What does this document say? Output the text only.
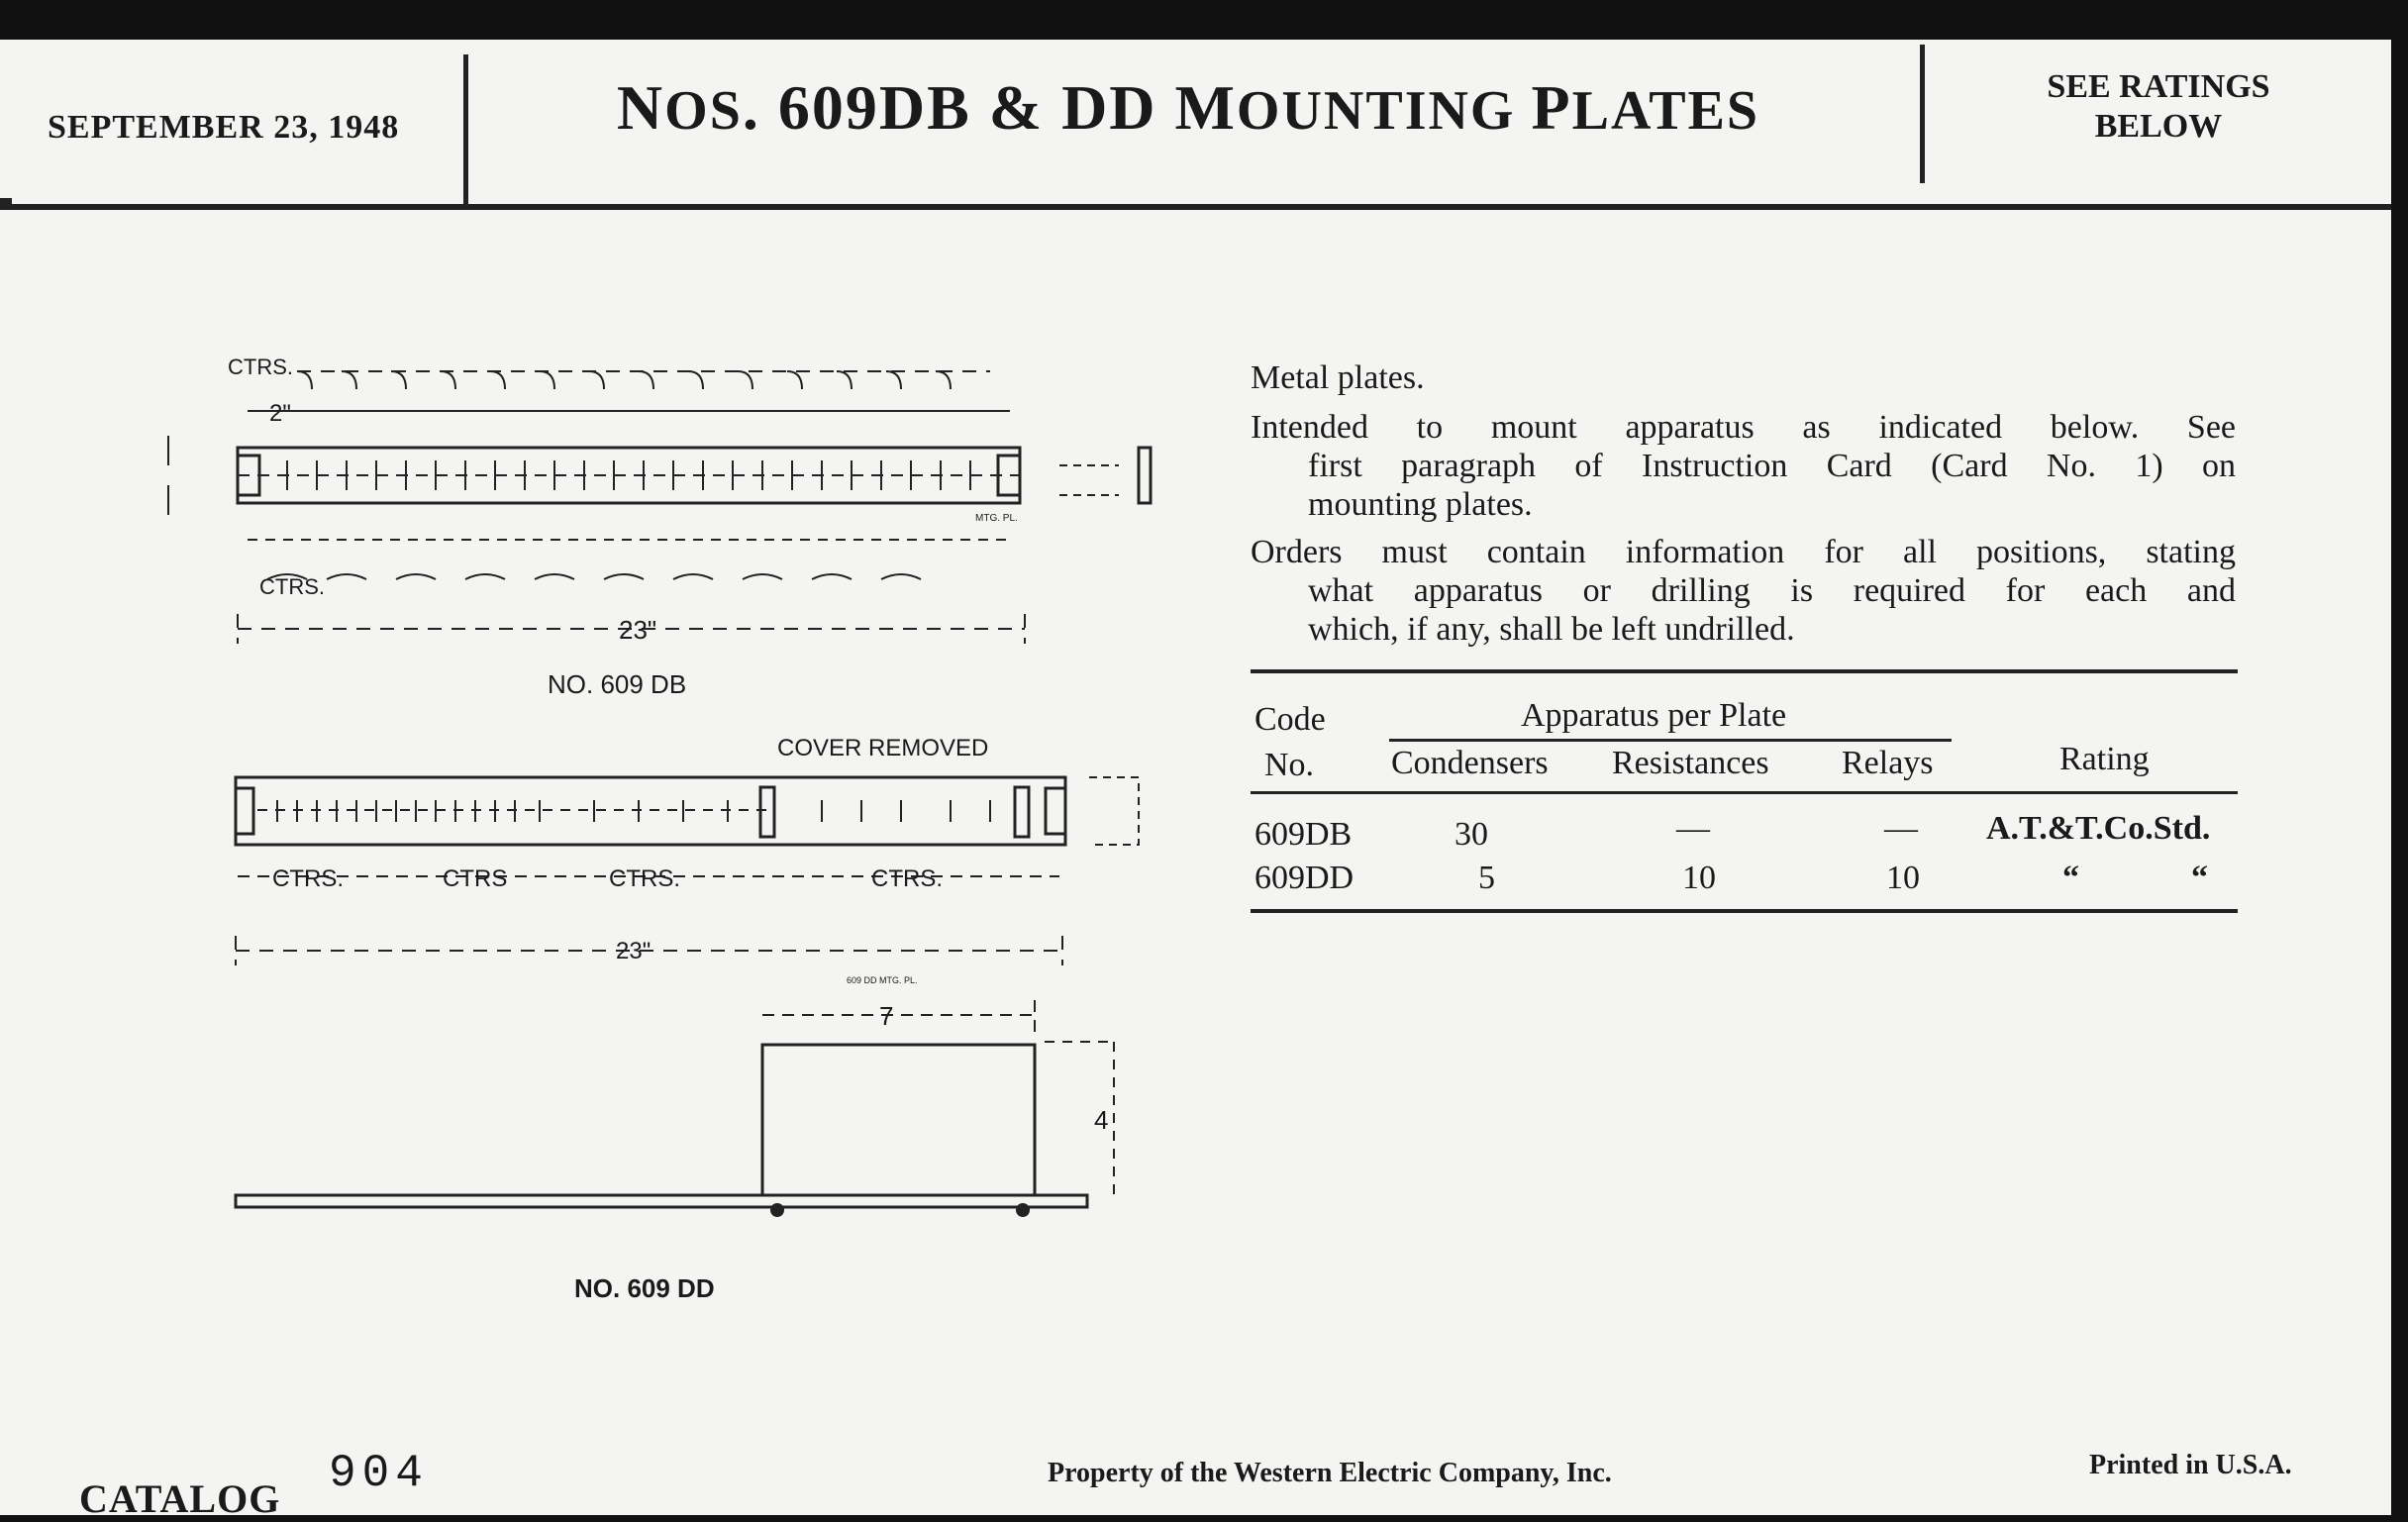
SEPTEMBER 23, 1948	NOS. 609DB & DD MOUNTING PLATES	SEE RATINGS
BELOW
Metal plates.
Intended to mount apparatus as indicated below. See
first paragraph of Instruction Card (Card No. 1) on
mounting plates.
Orders must contain information for all positions, stating
what apparatus or drilling is required for each and
which, if any, shall be left undrilled.
Code
No.
Apparatus per Plate
Condensers Resistances Relays	Rating
609DB	30	—	— A.T.&T.Co.Std.
609DD	5	10	10	“	“
CTRS.
2"
MTG. PL.
CTRS.
23"
NO. 609 DB
COVER REMOVED
CTRS.	CTRS	CTRS.	CTRS.
23"
609 DD MTG. PL.
7
4
NO. 609 DD
CATALOG 904	Property of the Western Electric Company, Inc.	Printed in U.S.A.
